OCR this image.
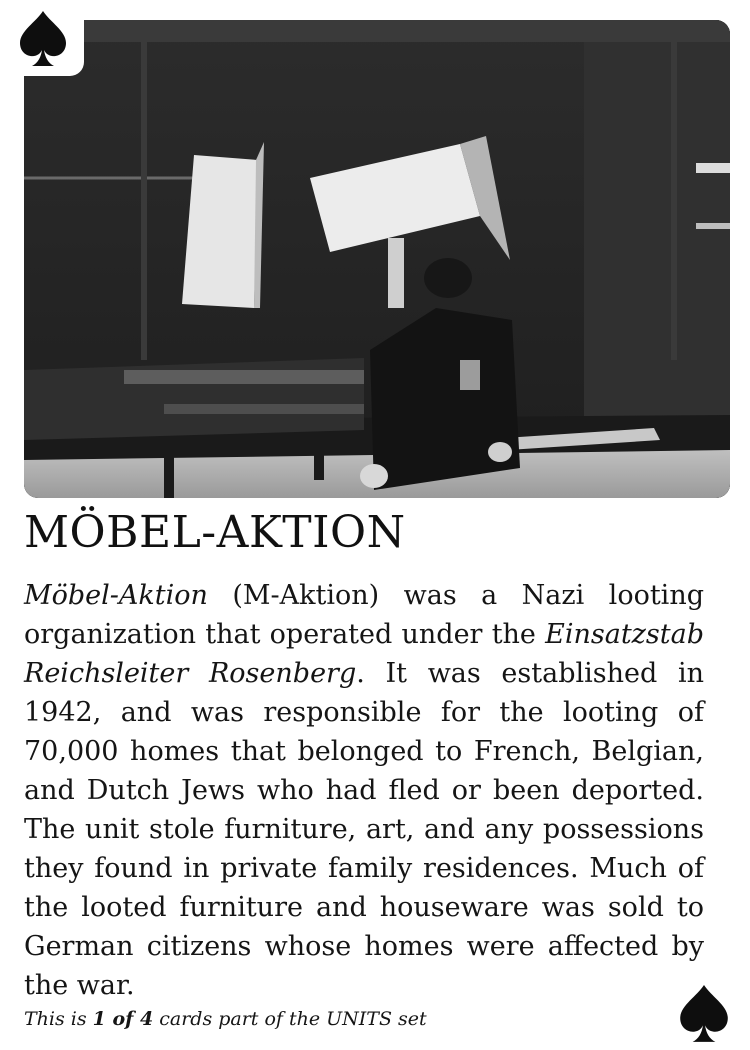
MÖBEL-AKTION

Möbel-Aktion (M-Aktion) was a Nazi looting organization that operated under the Einsatzstab Reichsleiter Rosenberg. It was established in 1942, and was responsible for the looting of 70,000 homes that belonged to French, Belgian, and Dutch Jews who had fled or been deported. The unit stole furniture, art, and any possessions they found in private family residences. Much of the looted furniture and houseware was sold to German citizens whose homes were affected by the war.

This is 1 of 4 cards part of the UNITS set
